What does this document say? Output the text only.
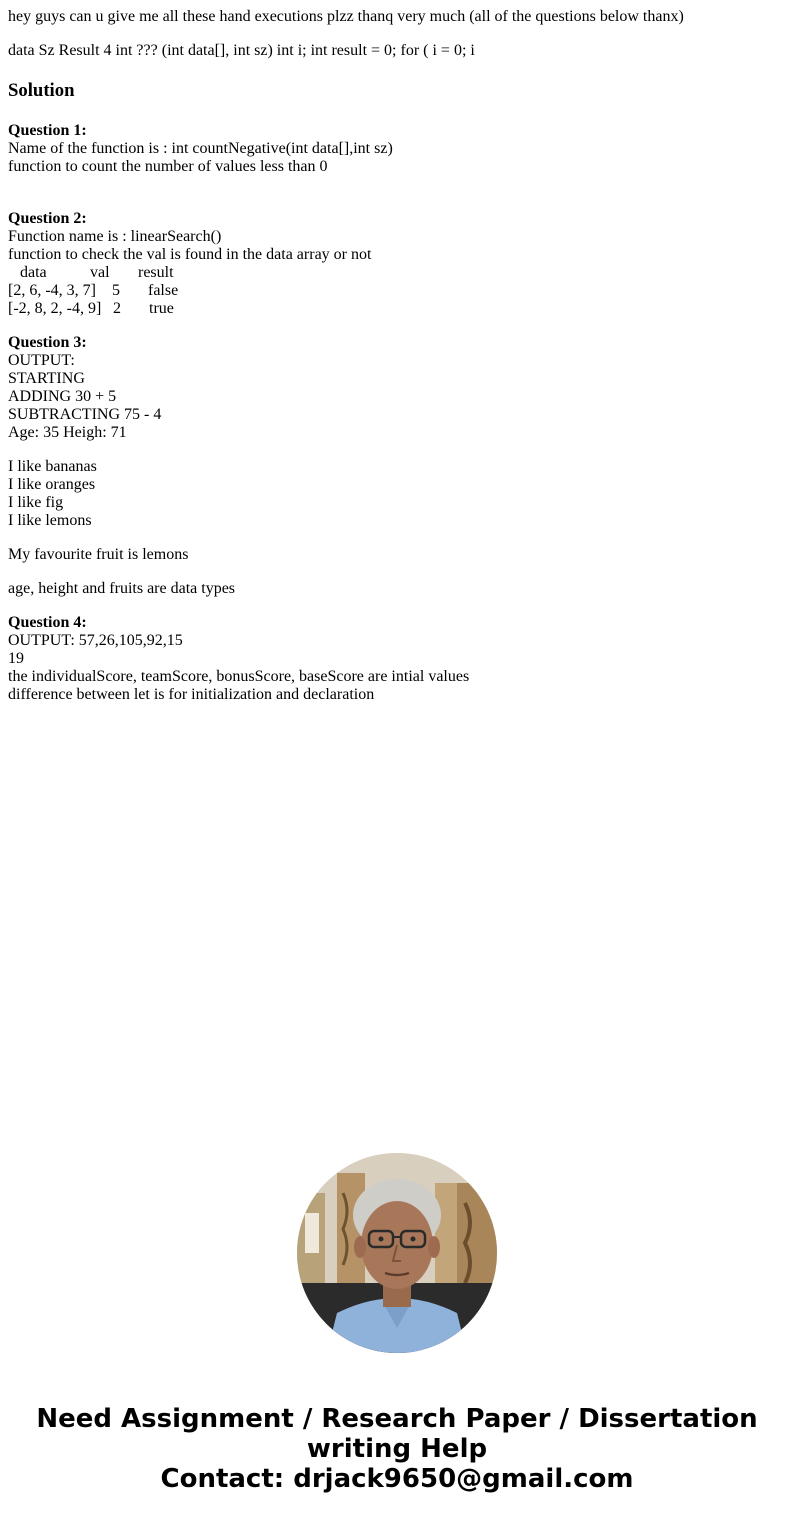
hey guys can u give me all these hand executions plzz thanq very much (all of the questions below thanx)

data Sz Result 4 int ??? (int data[], int sz) int i; int result = 0; for ( i = 0; i

Solution
Question 1:
Name of the function is : int countNegative(int data[],int sz)
function to count the number of values less than 0
Question 2:
Function name is : linearSearch()
function to check the val is found in the data array or not
data	val result
[2, 6, -4, 3, 7] 5 false
[-2, 8, 2, -4, 9] 2 true
Question 3:
OUTPUT:
STARTING
ADDING 30 + 5
SUBTRACTING 75 - 4
Age: 35 Heigh: 71
I like bananas
I like oranges
I like fig
I like lemons
My favourite fruit is lemons
age, height and fruits are data types
Question 4:
OUTPUT: 57,26,105,92,15
19
the individualScore, teamScore, bonusScore, baseScore are intial values
difference between let is for initialization and declaration
Need Assignment / Research Paper / Dissertation
writing Help
Contact: drjack9650@gmail.com
